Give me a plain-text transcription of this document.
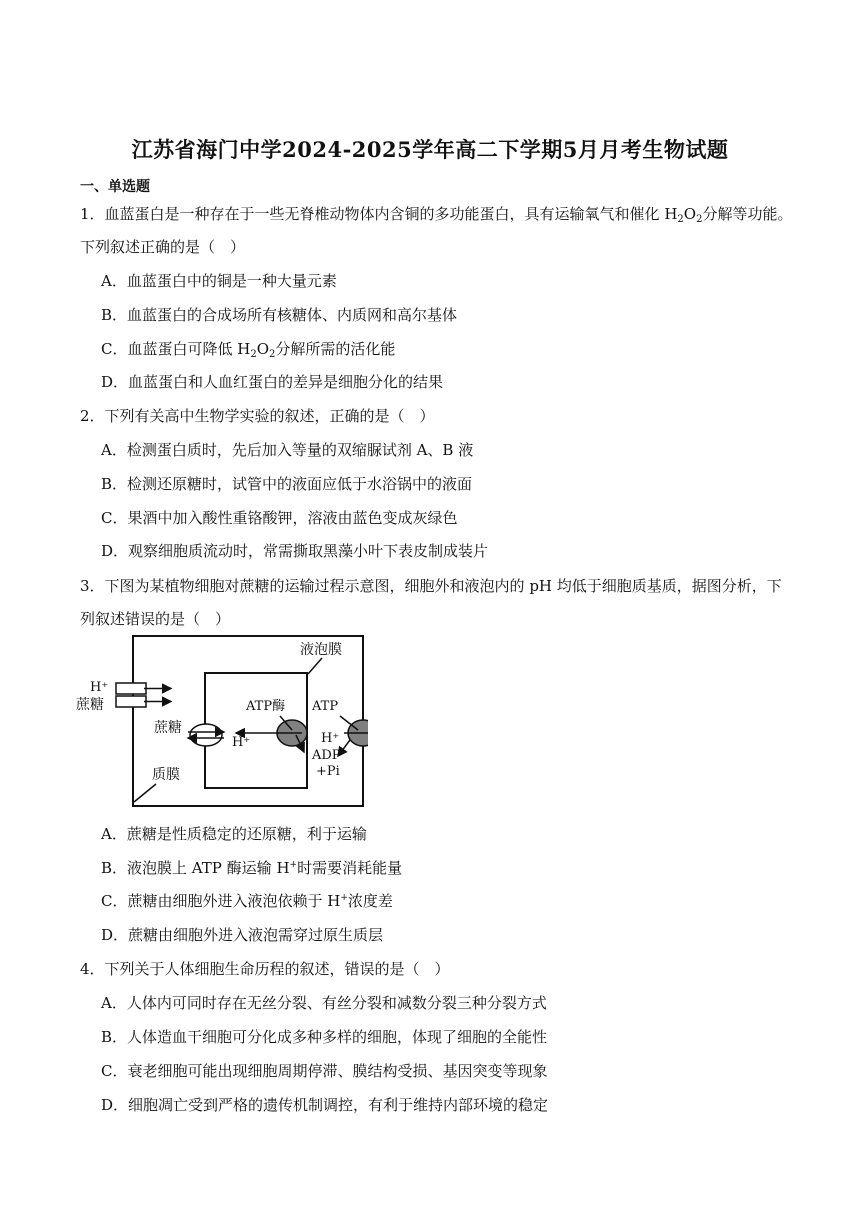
江苏省海门中学2024-2025学年高二下学期5月月考生物试题
一、单选题
1．血蓝蛋白是一种存在于一些无脊椎动物体内含铜的多功能蛋白，具有运输氧气和催化 $H_2O_2$分解等功能。
下列叙述正确的是（　）
A．血蓝蛋白中的铜是一种大量元素
B．血蓝蛋白的合成场所有核糖体、内质网和高尔基体
C．血蓝蛋白可降低 $H_2O_2$分解所需的活化能
D．血蓝蛋白和人血红蛋白的差异是细胞分化的结果
2．下列有关高中生物学实验的叙述，正确的是（　）
A．检测蛋白质时，先后加入等量的双缩脲试剂 A、B 液
B．检测还原糖时，试管中的液面应低于水浴锅中的液面
C．果酒中加入酸性重铬酸钾，溶液由蓝色变成灰绿色
D．观察细胞质流动时，常需撕取黑藻小叶下表皮制成装片
3．下图为某植物细胞对蔗糖的运输过程示意图，细胞外和液泡内的 pH 均低于细胞质基质，据图分析，下
列叙述错误的是（　）
H⁺
蔗糖
液泡膜
蔗糖
H⁺
ATP酶 ATP
H⁺
ADP
+Pi
质膜
A．蔗糖是性质稳定的还原糖，利于运输
B．液泡膜上 ATP 酶运输 H+时需要消耗能量
C．蔗糖由细胞外进入液泡依赖于 H+浓度差
D．蔗糖由细胞外进入液泡需穿过原生质层
4．下列关于人体细胞生命历程的叙述，错误的是（　）
A．人体内可同时存在无丝分裂、有丝分裂和减数分裂三种分裂方式
B．人体造血干细胞可分化成多种多样的细胞，体现了细胞的全能性
C．衰老细胞可能出现细胞周期停滞、膜结构受损、基因突变等现象
D．细胞凋亡受到严格的遗传机制调控，有利于维持内部环境的稳定
